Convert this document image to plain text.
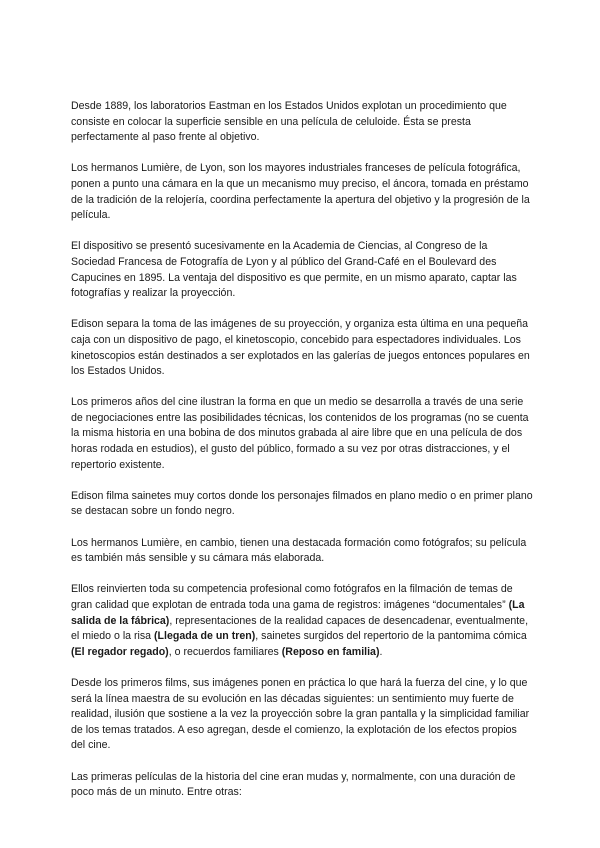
Desde 1889, los laboratorios Eastman en los Estados Unidos explotan un procedimiento que consiste en colocar la superficie sensible en una película de celuloide. Ésta se presta perfectamente al paso frente al objetivo.

Los hermanos Lumière, de Lyon, son los mayores industriales franceses de película fotográfica, ponen a punto una cámara en la que un mecanismo muy preciso, el áncora, tomada en préstamo de la tradición de la relojería, coordina perfectamente la apertura del objetivo y la progresión de la película.

El dispositivo se presentó sucesivamente en la Academia de Ciencias, al Congreso de la Sociedad Francesa de Fotografía de Lyon y al público del Grand-Café en el Boulevard des Capucines en 1895. La ventaja del dispositivo es que permite, en un mismo aparato, captar las fotografías y realizar la proyección.

Edison separa la toma de las imágenes de su proyección, y organiza esta última en una pequeña caja con un dispositivo de pago, el kinetoscopio, concebido para espectadores individuales. Los kinetoscopios están destinados a ser explotados en las galerías de juegos entonces populares en los Estados Unidos.

Los primeros años del cine ilustran la forma en que un medio se desarrolla a través de una serie de negociaciones entre las posibilidades técnicas, los contenidos de los programas (no se cuenta la misma historia en una bobina de dos minutos grabada al aire libre que en una película de dos horas rodada en estudios), el gusto del público, formado a su vez por otras distracciones, y el repertorio existente.

Edison filma sainetes muy cortos donde los personajes filmados en plano medio o en primer plano se destacan sobre un fondo negro.

Los hermanos Lumière, en cambio, tienen una destacada formación como fotógrafos; su película es también más sensible y su cámara más elaborada.

Ellos reinvierten toda su competencia profesional como fotógrafos en la filmación de temas de gran calidad que explotan de entrada toda una gama de registros: imágenes “documentales” (La salida de la fábrica), representaciones de la realidad capaces de desencadenar, eventualmente, el miedo o la risa (Llegada de un tren), sainetes surgidos del repertorio de la pantomima cómica (El regador regado), o recuerdos familiares (Reposo en familia).

Desde los primeros films, sus imágenes ponen en práctica lo que hará la fuerza del cine, y lo que será la línea maestra de su evolución en las décadas siguientes: un sentimiento muy fuerte de realidad, ilusión que sostiene a la vez la proyección sobre la gran pantalla y la simplicidad familiar de los temas tratados. A eso agregan, desde el comienzo, la explotación de los efectos propios del cine.

Las primeras películas de la historia del cine eran mudas y, normalmente, con una duración de poco más de un minuto. Entre otras:
